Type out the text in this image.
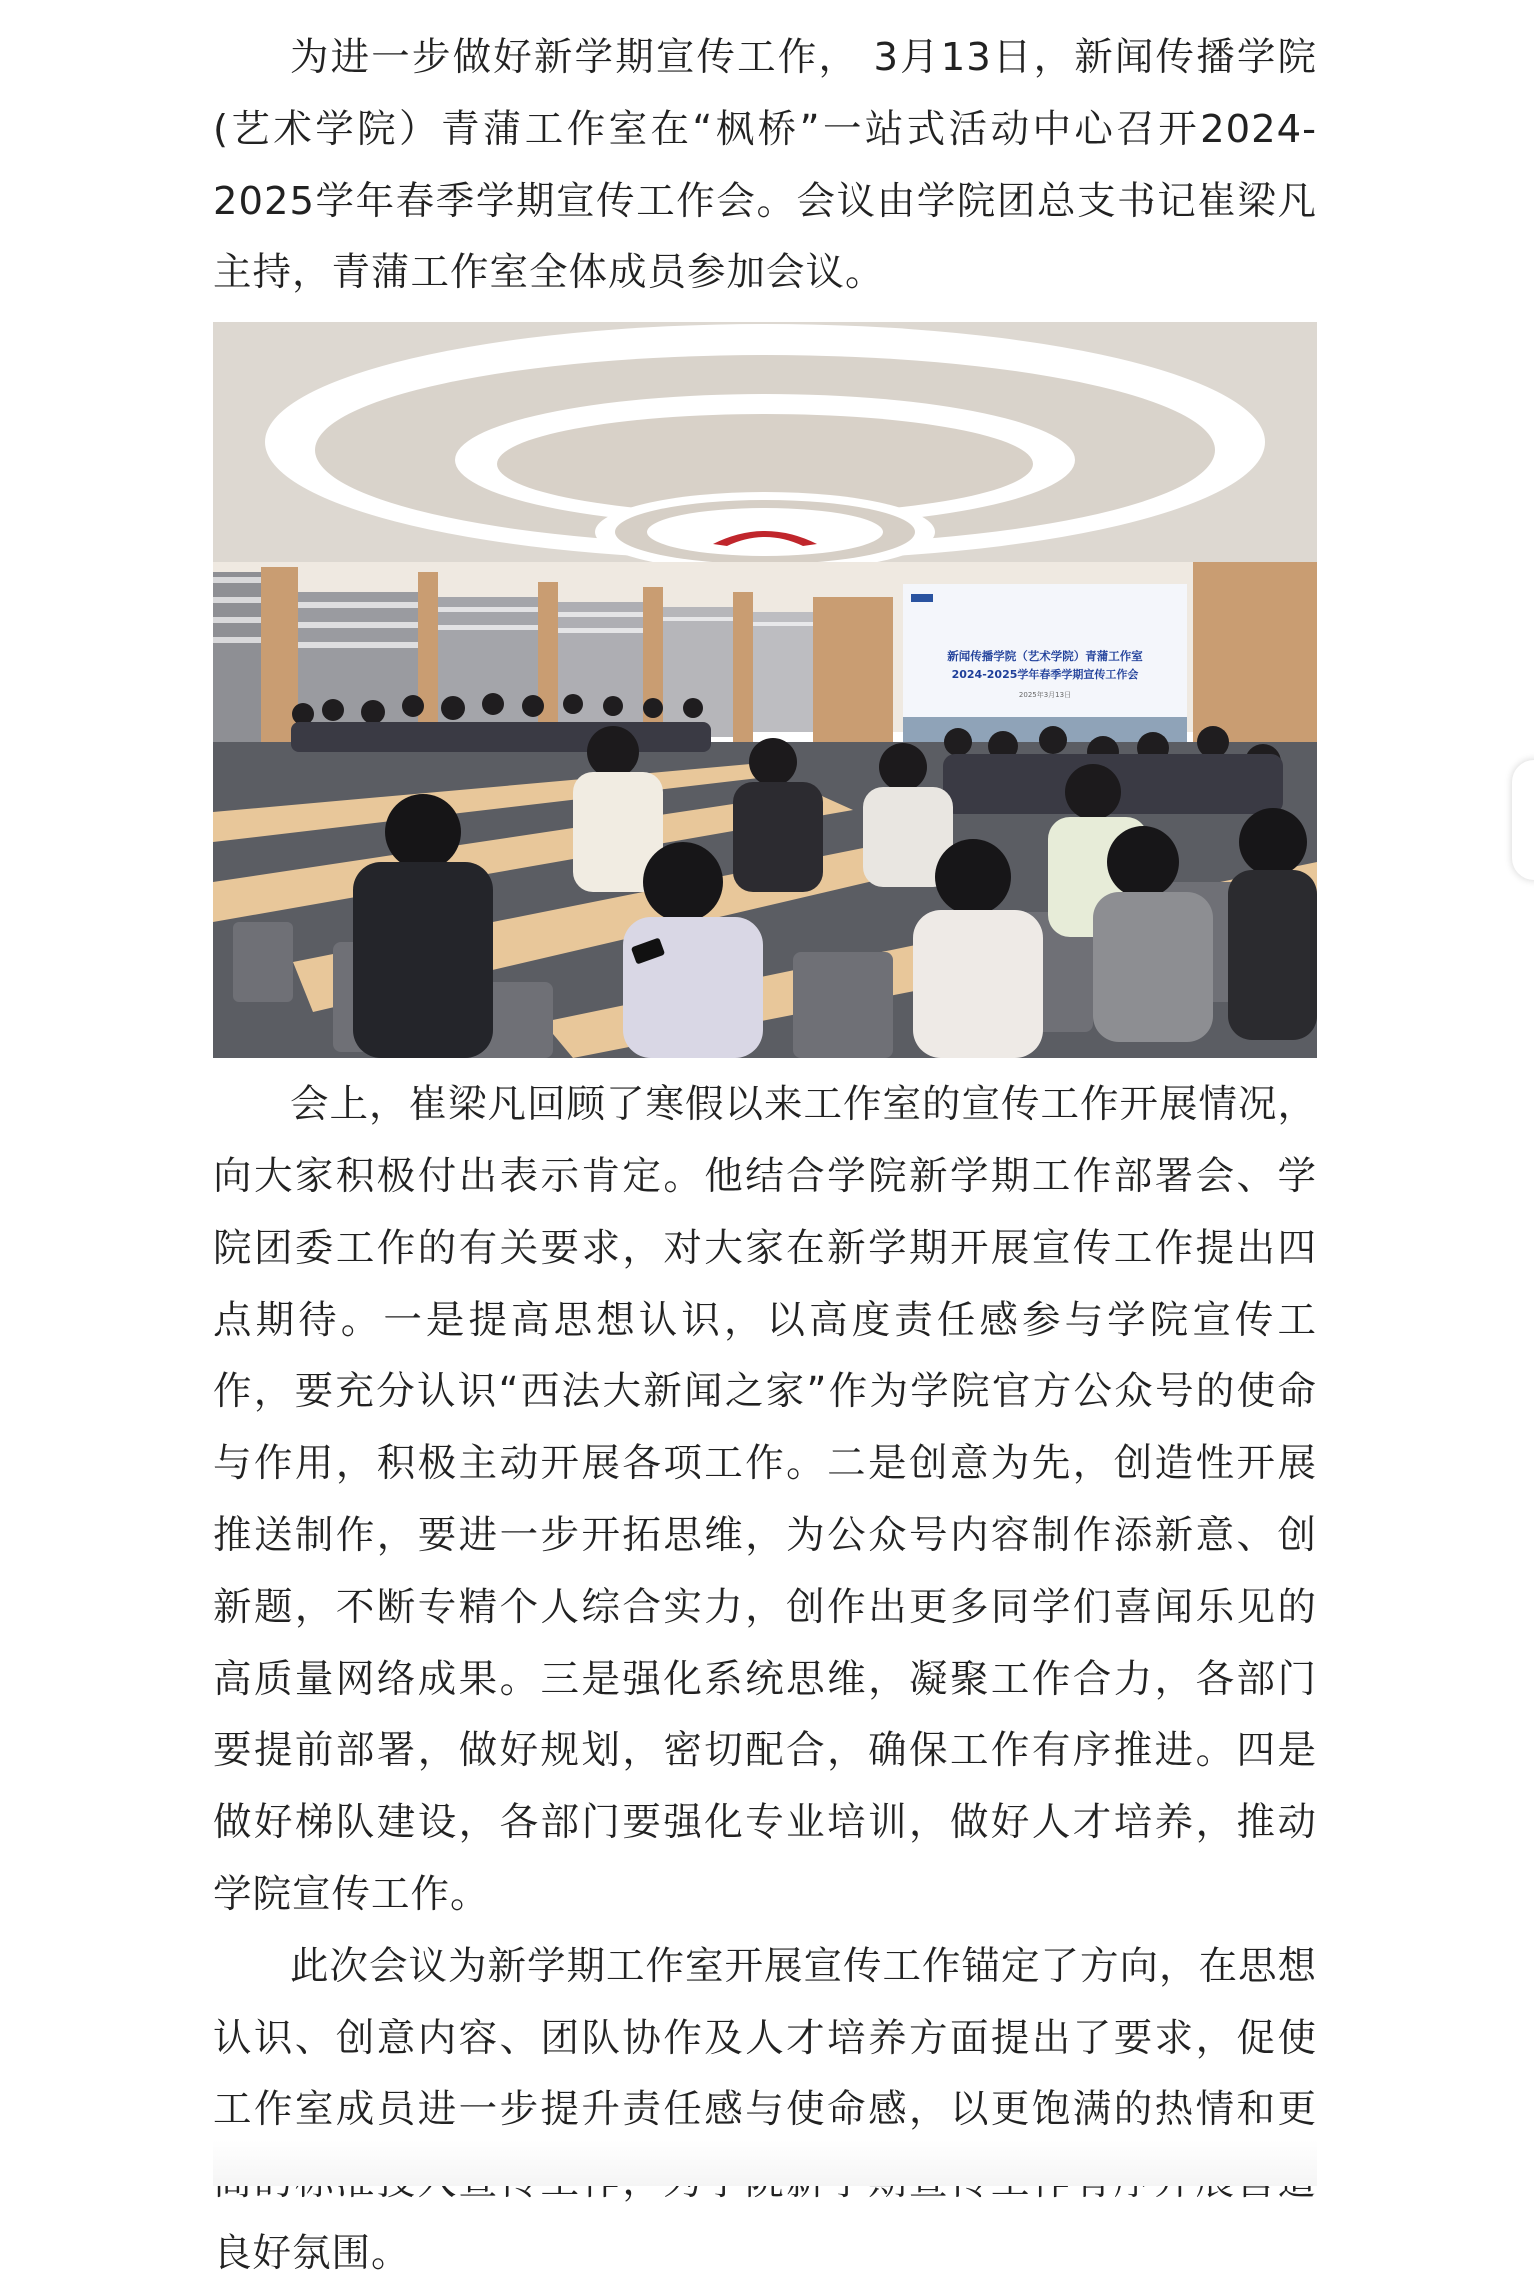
为进一步做好新学期宣传工作， 3月13日，新闻传播学院(艺术学院）青蒲工作室在“枫桥”一站式活动中心召开2024-2025学年春季学期宣传工作会。会议由学院团总支书记崔梁凡主持，青蒲工作室全体成员参加会议。

新闻传播学院（艺术学院）青蒲工作室
2024-2025学年春季学期宣传工作会
2025年3月13日

会上，崔梁凡回顾了寒假以来工作室的宣传工作开展情况，向大家积极付出表示肯定。他结合学院新学期工作部署会、学院团委工作的有关要求，对大家在新学期开展宣传工作提出四点期待。一是提高思想认识，以高度责任感参与学院宣传工作，要充分认识“西法大新闻之家”作为学院官方公众号的使命与作用，积极主动开展各项工作。二是创意为先，创造性开展推送制作，要进一步开拓思维，为公众号内容制作添新意、创新题，不断专精个人综合实力，创作出更多同学们喜闻乐见的高质量网络成果。三是强化系统思维，凝聚工作合力，各部门要提前部署，做好规划，密切配合，确保工作有序推进。四是做好梯队建设，各部门要强化专业培训，做好人才培养，推动学院宣传工作。

此次会议为新学期工作室开展宣传工作锚定了方向，在思想认识、创意内容、团队协作及人才培养方面提出了要求，促使工作室成员进一步提升责任感与使命感，以更饱满的热情和更 良好氛围。
